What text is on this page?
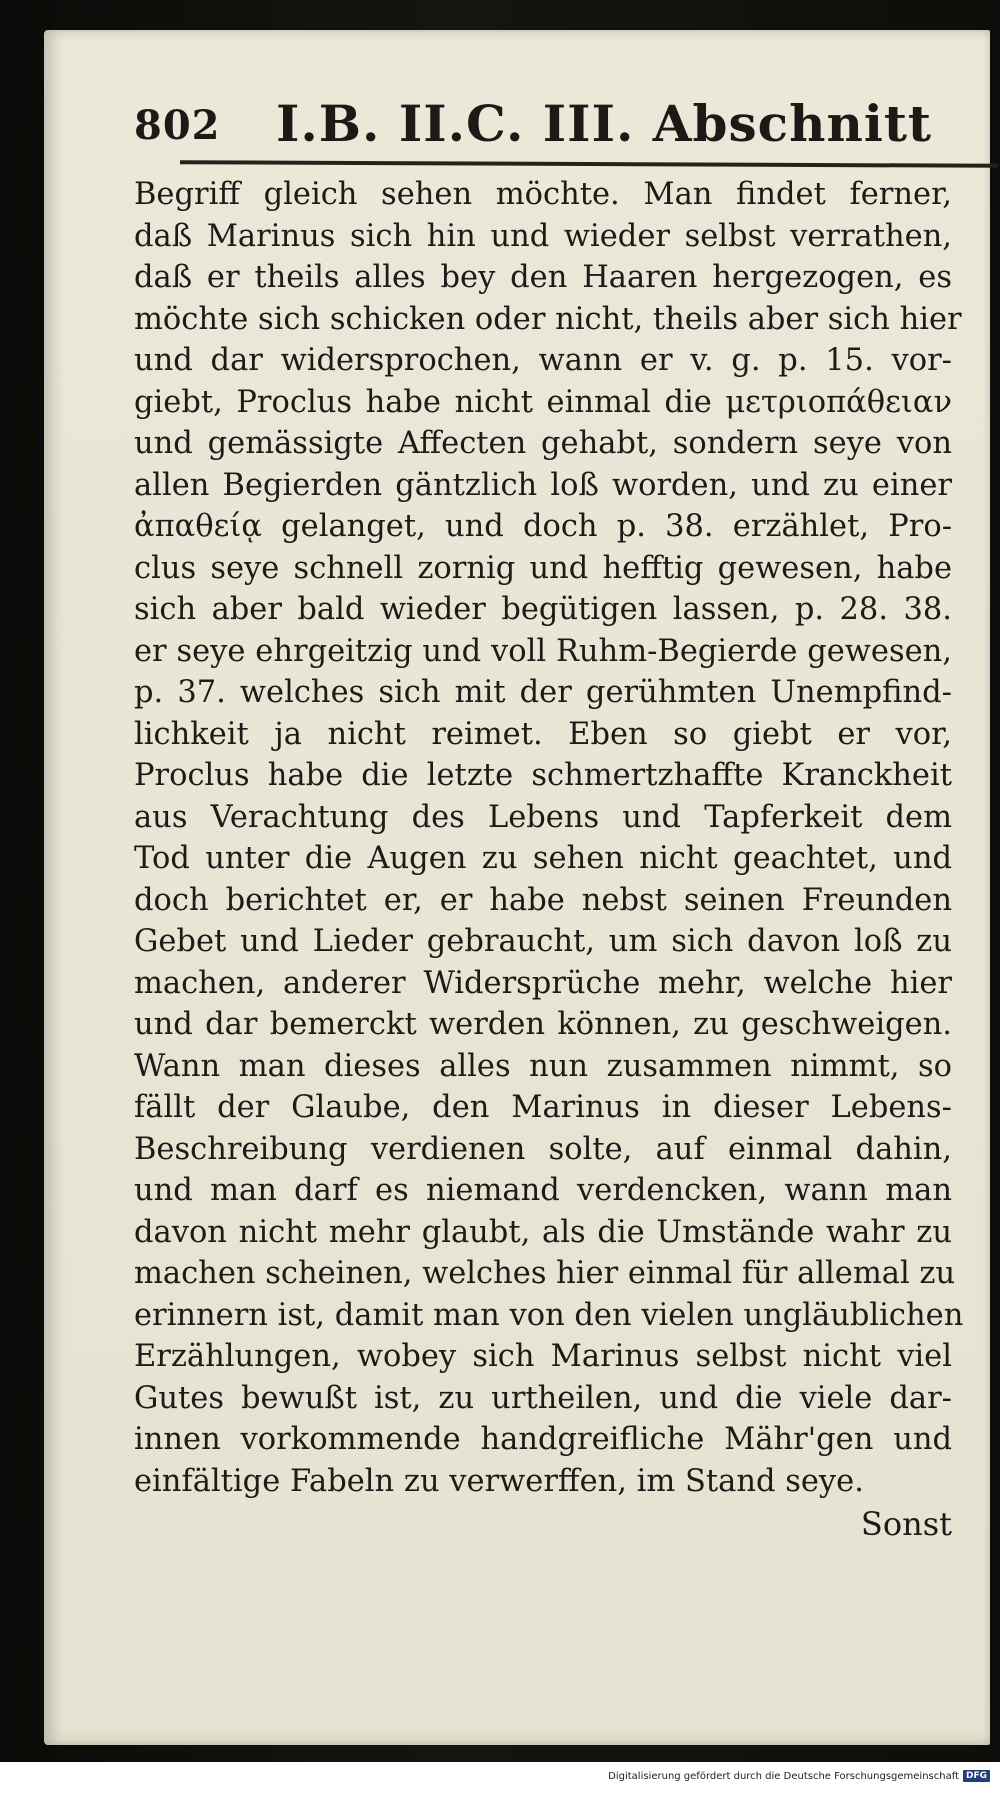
802 I.B. II.C. III. Abschnitt
Begriff gleich sehen möchte. Man findet ferner,
daß Marinus sich hin und wieder selbst verrathen,
daß er theils alles bey den Haaren hergezogen, es
möchte sich schicken oder nicht, theils aber sich hier
und dar widersprochen, wann er v. g. p. 15. vor-
giebt, Proclus habe nicht einmal die μετριοπάθειαν
und gemässigte Affecten gehabt, sondern seye von
allen Begierden gäntzlich loß worden, und zu einer
ἀπαθείᾳ gelanget, und doch p. 38. erzählet, Pro-
clus seye schnell zornig und hefftig gewesen, habe
sich aber bald wieder begütigen lassen, p. 28. 38.
er seye ehrgeitzig und voll Ruhm-Begierde gewesen,
p. 37. welches sich mit der gerühmten Unempfind-
lichkeit ja nicht reimet. Eben so giebt er vor,
Proclus habe die letzte schmertzhaffte Kranckheit
aus Verachtung des Lebens und Tapferkeit dem
Tod unter die Augen zu sehen nicht geachtet, und
doch berichtet er, er habe nebst seinen Freunden
Gebet und Lieder gebraucht, um sich davon loß zu
machen, anderer Widersprüche mehr, welche hier
und dar bemerckt werden können, zu geschweigen.
Wann man dieses alles nun zusammen nimmt, so
fällt der Glaube, den Marinus in dieser Lebens-
Beschreibung verdienen solte, auf einmal dahin,
und man darf es niemand verdencken, wann man
davon nicht mehr glaubt, als die Umstände wahr zu
machen scheinen, welches hier einmal für allemal zu
erinnern ist, damit man von den vielen ungläublichen
Erzählungen, wobey sich Marinus selbst nicht viel
Gutes bewußt ist, zu urtheilen, und die viele dar-
innen vorkommende handgreifliche Mähr'gen und
einfältige Fabeln zu verwerffen, im Stand seye.
Sonst
Digitalisierung gefördert durch die Deutsche Forschungsgemeinschaft DFG
